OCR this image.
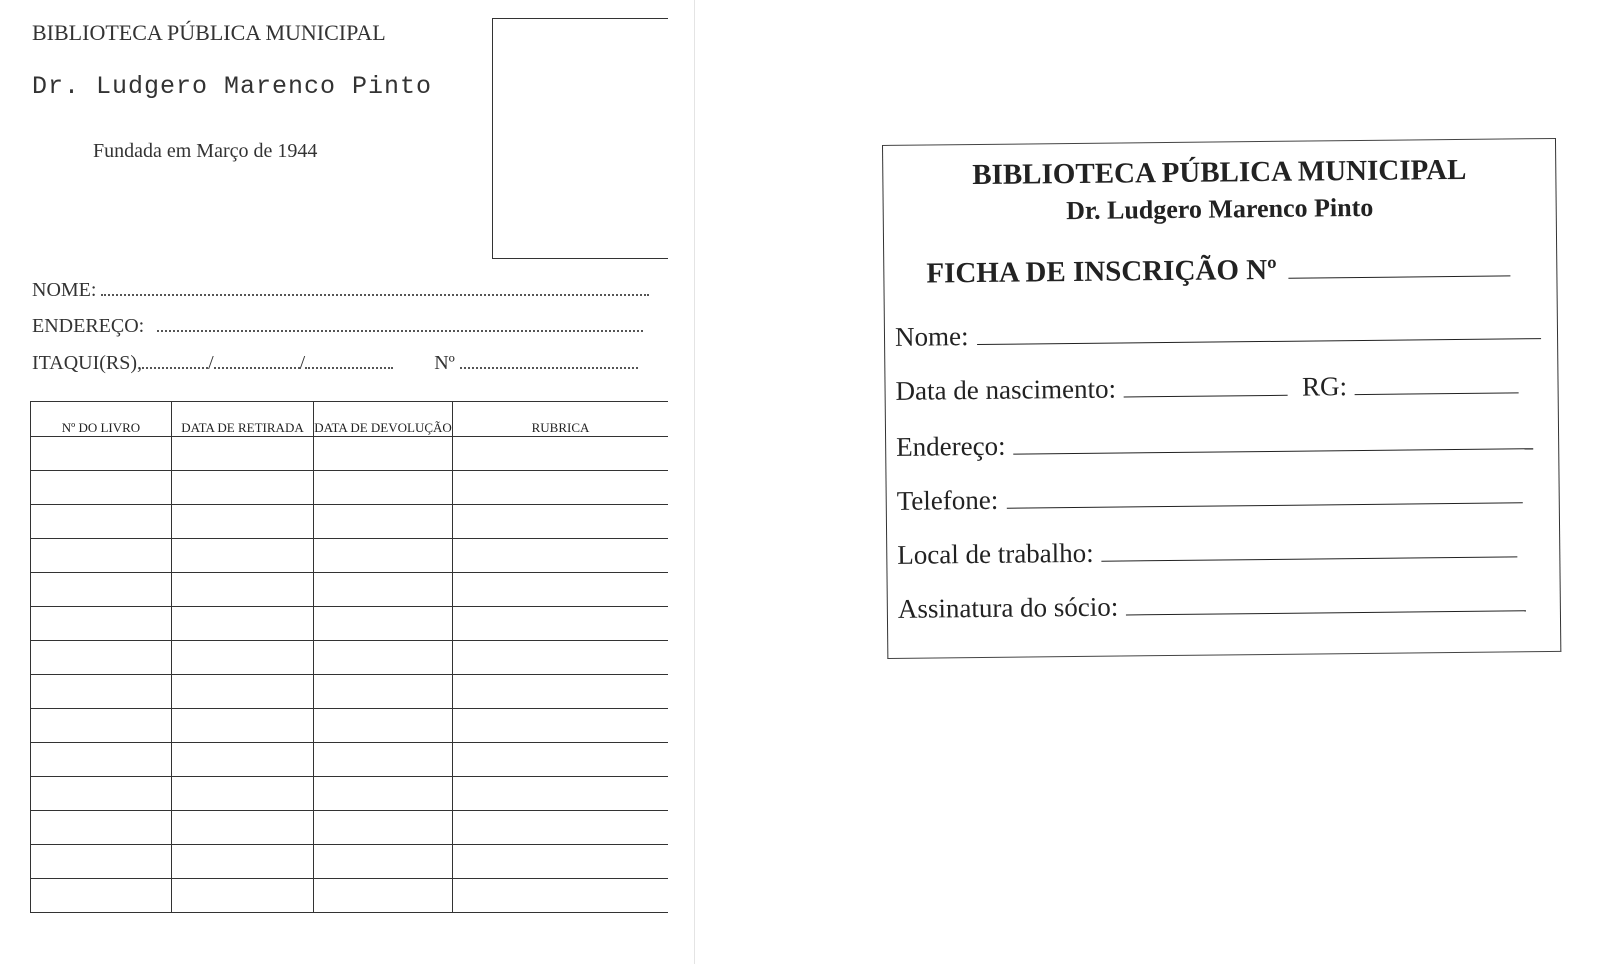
BIBLIOTECA PÚBLICA MUNICIPAL
Dr. Ludgero Marenco Pinto
Fundada em Março de 1944
NOME:
ENDEREÇO:
ITAQUI(RS),	/	/	Nº
Nº DO LIVRO	DATA DE RETIRADA	DATA DE DEVOLUÇÃO	RUBRICA

BIBLIOTECA PÚBLICA MUNICIPAL
Dr. Ludgero Marenco Pinto
FICHA DE INSCRIÇÃO Nº
Nome:
Data de nascimento:	RG:
Endereço:
Telefone:
Local de trabalho:
Assinatura do sócio:
